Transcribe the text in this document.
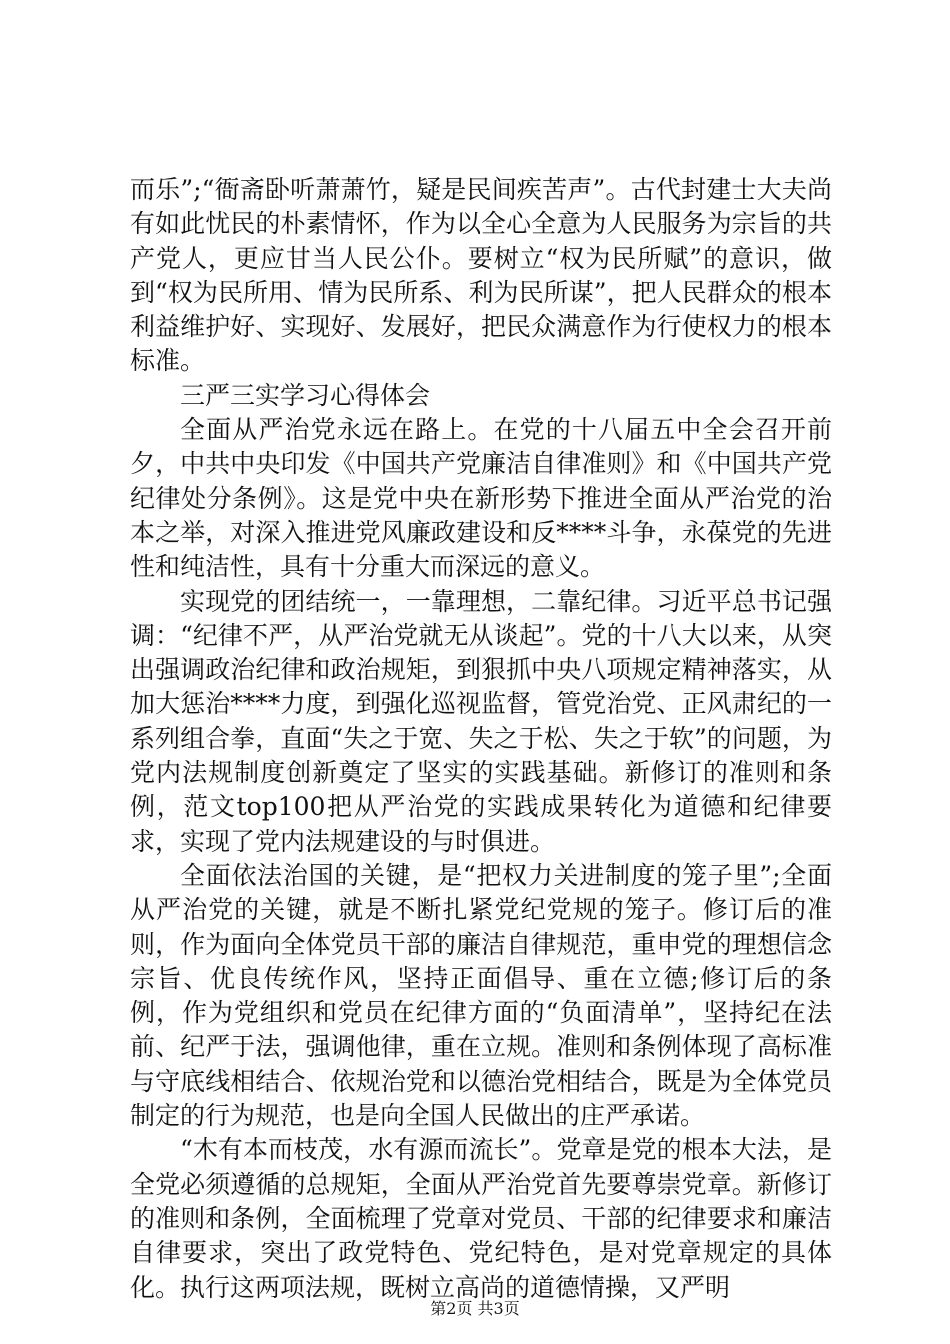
而乐”;“衙斋卧听萧萧竹，疑是民间疾苦声”。古代封建士大夫尚有如此忧民的朴素情怀，作为以全心全意为人民服务为宗旨的共产党人，更应甘当人民公仆。要树立“权为民所赋”的意识，做到“权为民所用、情为民所系、利为民所谋”，把人民群众的根本利益维护好、实现好、发展好，把民众满意作为行使权力的根本标准。

三严三实学习心得体会

全面从严治党永远在路上。在党的十八届五中全会召开前夕，中共中央印发《中国共产党廉洁自律准则》和《中国共产党纪律处分条例》。这是党中央在新形势下推进全面从严治党的治本之举，对深入推进党风廉政建设和反****斗争，永葆党的先进性和纯洁性，具有十分重大而深远的意义。

实现党的团结统一，一靠理想，二靠纪律。习近平总书记强调：“纪律不严，从严治党就无从谈起”。党的十八大以来，从突出强调政治纪律和政治规矩，到狠抓中央八项规定精神落实，从加大惩治****力度，到强化巡视监督，管党治党、正风肃纪的一系列组合拳，直面“失之于宽、失之于松、失之于软”的问题，为党内法规制度创新奠定了坚实的实践基础。新修订的准则和条例，范文top100把从严治党的实践成果转化为道德和纪律要求，实现了党内法规建设的与时俱进。

全面依法治国的关键，是“把权力关进制度的笼子里”;全面从严治党的关键，就是不断扎紧党纪党规的笼子。修订后的准则，作为面向全体党员干部的廉洁自律规范，重申党的理想信念宗旨、优良传统作风，坚持正面倡导、重在立德;修订后的条例，作为党组织和党员在纪律方面的“负面清单”，坚持纪在法前、纪严于法，强调他律，重在立规。准则和条例体现了高标准与守底线相结合、依规治党和以德治党相结合，既是为全体党员制定的行为规范，也是向全国人民做出的庄严承诺。

“木有本而枝茂，水有源而流长”。党章是党的根本大法，是全党必须遵循的总规矩，全面从严治党首先要尊崇党章。新修订的准则和条例，全面梳理了党章对党员、干部的纪律要求和廉洁自律要求，突出了政党特色、党纪特色，是对党章规定的具体化。执行这两项法规，既树立高尚的道德情操，又严明

第2页 共3页
